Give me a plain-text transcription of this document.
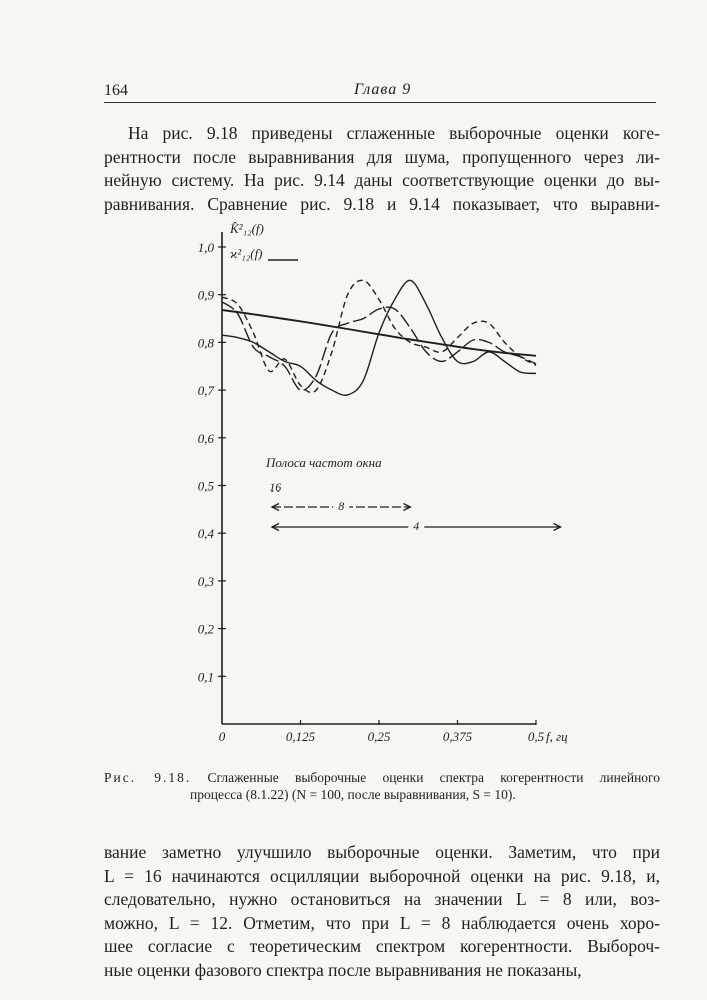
164	Глава 9
На рис. 9.18 приведены сглаженные выборочные оценки когe-
рентности после выравнивания для шума, пропущенного через ли-
нейную систему. На рис. 9.14 даны соответствующие оценки до вы-
равнивания. Сравнение рис. 9.18 и 9.14 показывает, что выравни-
0,1
0,2
0,3
0,4
0,5
0,6
0,7
0,8
0,9
1,0
0	0,125	0,25	0,375	0,5 f, гц
K̂²₁₂(f)
ϰ²₁₂(f)
Полоса частот окна
16
8
4
Рис. 9.18. Сглаженные выборочные оценки спектра когерентности линейного
процесса (8.1.22) (N = 100, после выравнивания, S = 10).
вание заметно улучшило выборочные оценки. Заметим, что при
L = 16 начинаются осцилляции выборочной оценки на рис. 9.18, и,
следовательно, нужно остановиться на значении L = 8 или, воз-
можно, L = 12. Отметим, что при L = 8 наблюдается очень хоро-
шее согласие с теоретическим спектром когерентности. Выбороч-
ные оценки фазового спектра после выравнивания не показаны,
